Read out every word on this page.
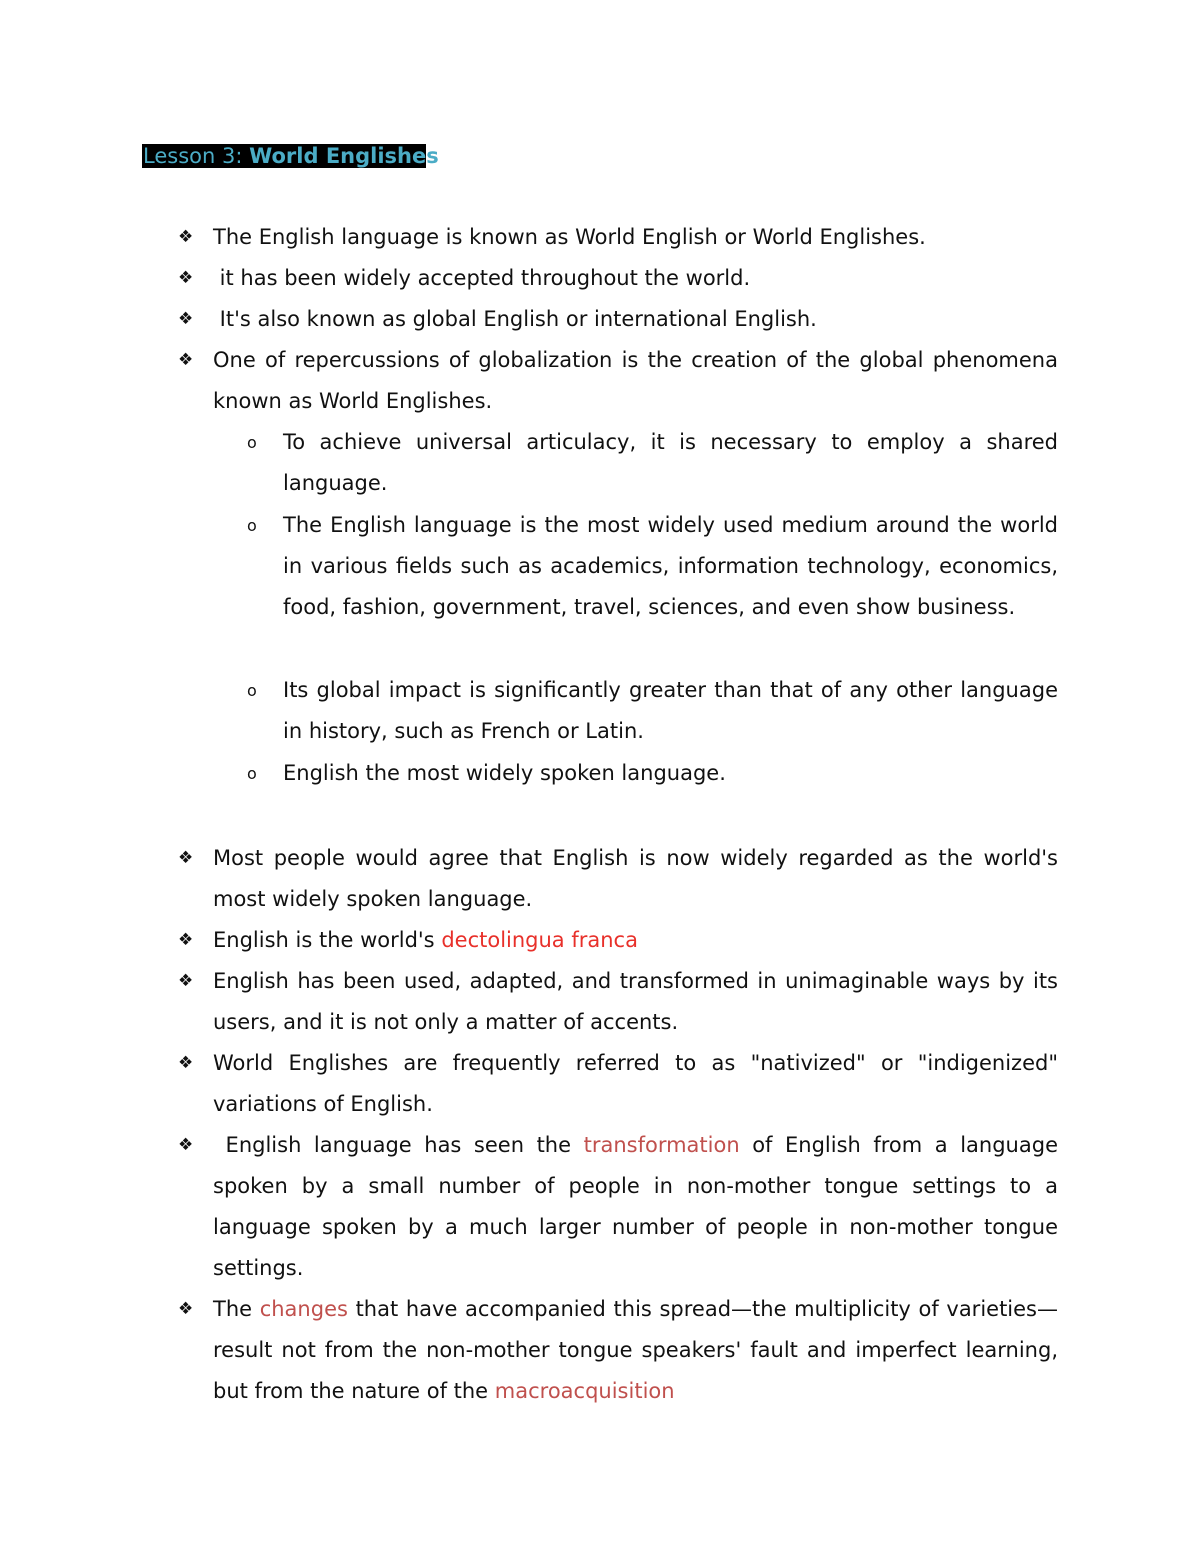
Lesson 3: World Englishes
❖ The English language is known as World English or World Englishes.
❖ it has been widely accepted throughout the world.
❖ It's also known as global English or international English.
❖ One of repercussions of globalization is the creation of the global phenomena known as World Englishes.
o To achieve universal articulacy, it is necessary to employ a shared language.
o The English language is the most widely used medium around the world in various fields such as academics, information technology, economics, food, fashion, government, travel, sciences, and even show business.
o Its global impact is significantly greater than that of any other language in history, such as French or Latin.
o English the most widely spoken language.
❖ Most people would agree that English is now widely regarded as the world's most widely spoken language.
❖ English is the world's dectolingua franca
❖ English has been used, adapted, and transformed in unimaginable ways by its users, and it is not only a matter of accents.
❖ World Englishes are frequently referred to as "nativized" or "indigenized" variations of English.
❖ English language has seen the transformation of English from a language spoken by a small number of people in non-mother tongue settings to a language spoken by a much larger number of people in non-mother tongue settings.
❖ The changes that have accompanied this spread—the multiplicity of varieties—result not from the non-mother tongue speakers' fault and imperfect learning, but from the nature of the macroacquisition
